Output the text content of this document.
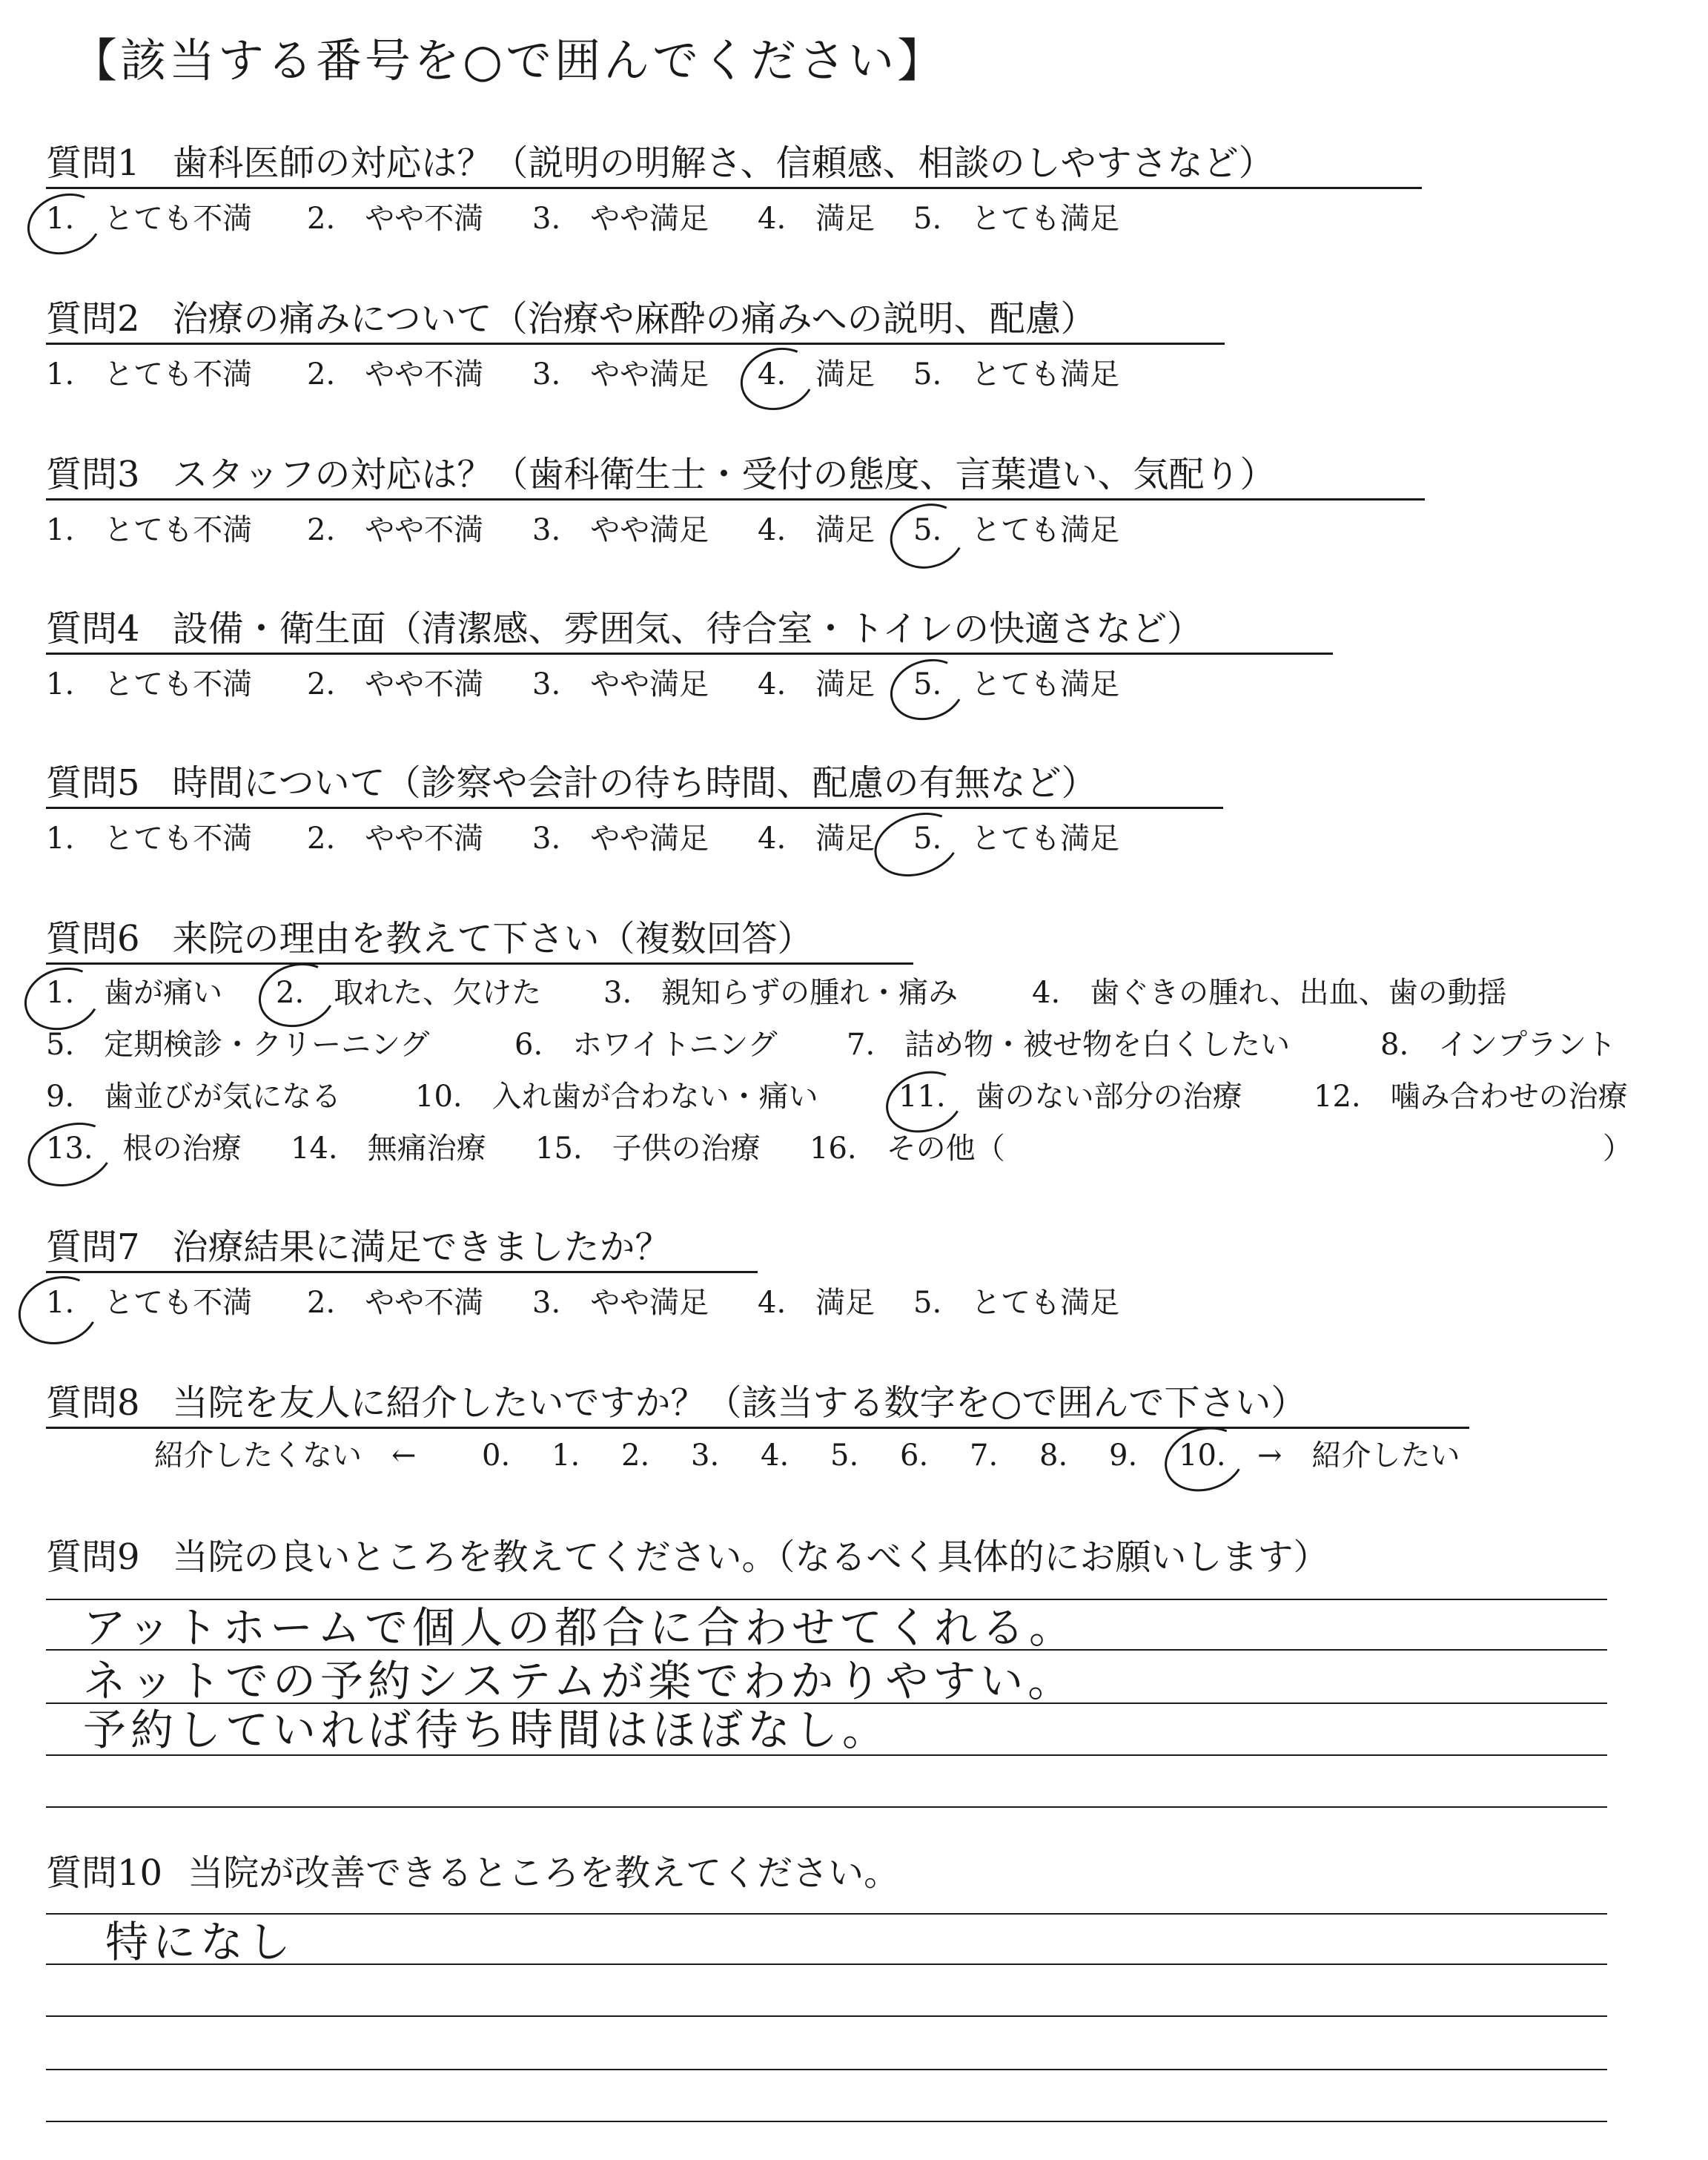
【該当する番号を○で囲んでください】
質問1 歯科医師の対応は？（説明の明解さ、信頼感、相談のしやすさなど）
1.　とても不満 2.　やや不満 3.　やや満足 4.　満足 5.　とても満足
質問2 治療の痛みについて（治療や麻酔の痛みへの説明、配慮）
1.　とても不満 2.　やや不満 3.　やや満足 4.　満足 5.　とても満足
質問3 スタッフの対応は？（歯科衛生士・受付の態度、言葉遣い、気配り）
1.　とても不満 2.　やや不満 3.　やや満足 4.　満足 5.　とても満足
質問4 設備・衛生面（清潔感、雰囲気、待合室・トイレの快適さなど）
1.　とても不満 2.　やや不満 3.　やや満足 4.　満足 5.　とても満足
質問5 時間について（診察や会計の待ち時間、配慮の有無など）
1.　とても不満 2.　やや不満 3.　やや満足 4.　満足 5.　とても満足
質問6 来院の理由を教えて下さい（複数回答）
1.　歯が痛い 2.　取れた、欠けた 3.　親知らずの腫れ・痛み 4.　歯ぐきの腫れ、出血、歯の動揺
5.　定期検診・クリーニング	6.　ホワイトニング 7.　詰め物・被せ物を白くしたい	8.　インプラント
9.　歯並びが気になる 10.　入れ歯が合わない・痛い	11.　歯のない部分の治療 12.　噛み合わせの治療
13.　根の治療 14.　無痛治療 15.　子供の治療 16.　その他（	）
質問7 治療結果に満足できましたか？
1.　とても不満 2.　やや不満 3.　やや満足 4.　満足 5.　とても満足
質問8 当院を友人に紹介したいですか？（該当する数字を○で囲んで下さい）
紹介したくない　← 0. 1. 2. 3. 4. 5. 6. 7. 8. 9. 10. →　紹介したい
質問9 当院の良いところを教えてください。（なるべく具体的にお願いします）
アットホームで個人の都合に合わせてくれる。
ネットでの予約システムが楽でわかりやすい。
予約していれば待ち時間はほぼなし。
質問10 当院が改善できるところを教えてください。
特になし
